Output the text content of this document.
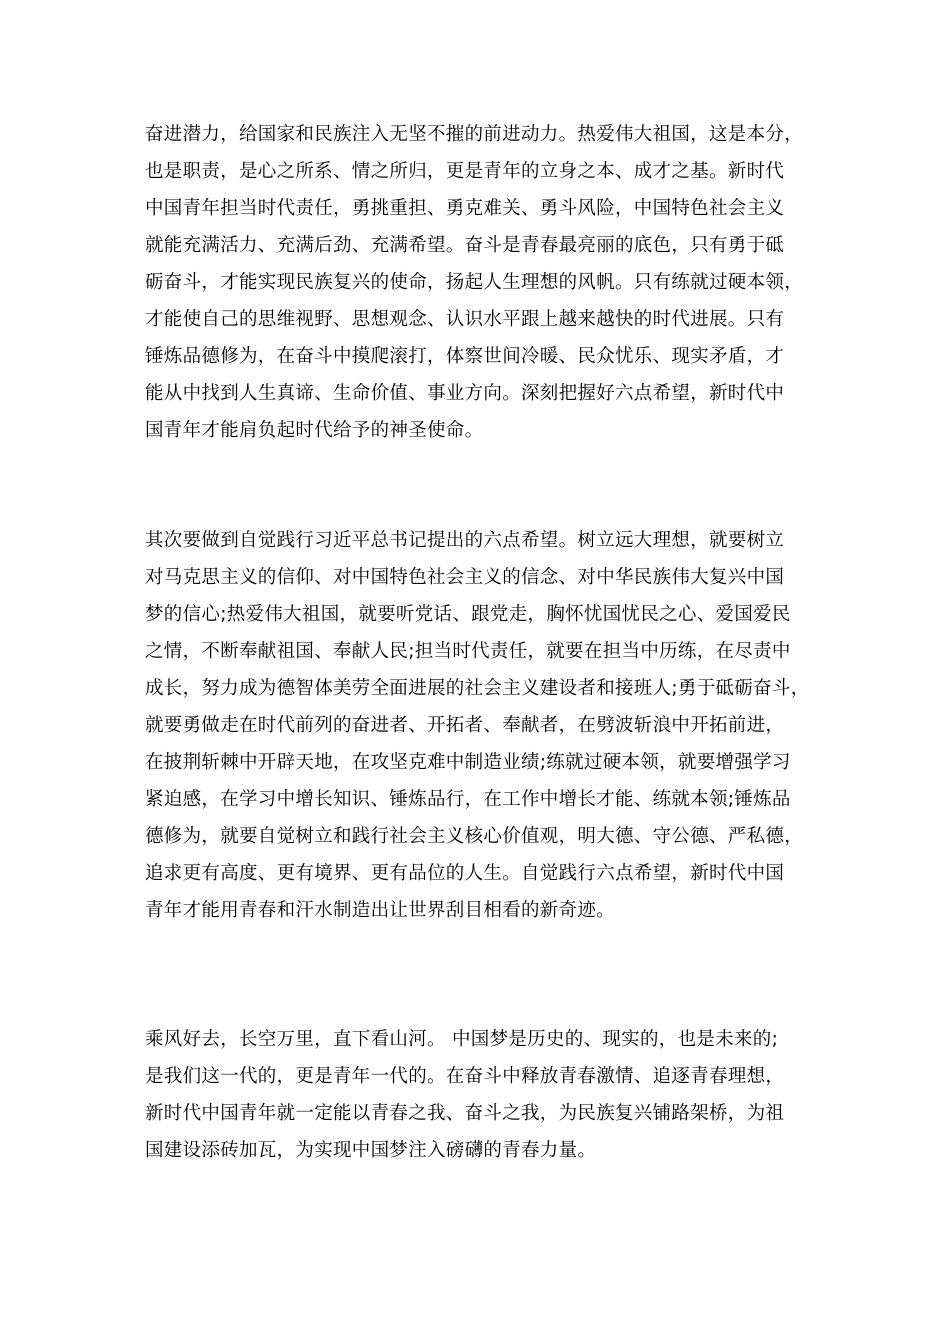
奋进潜力，给国家和民族注入无坚不摧的前进动力。热爱伟大祖国，这是本分，
也是职责，是心之所系、情之所归，更是青年的立身之本、成才之基。新时代
中国青年担当时代责任，勇挑重担、勇克难关、勇斗风险，中国特色社会主义
就能充满活力、充满后劲、充满希望。奋斗是青春最亮丽的底色，只有勇于砥
砺奋斗，才能实现民族复兴的使命，扬起人生理想的风帆。只有练就过硬本领，
才能使自己的思维视野、思想观念、认识水平跟上越来越快的时代进展。只有
锤炼品德修为，在奋斗中摸爬滚打，体察世间冷暖、民众忧乐、现实矛盾，才
能从中找到人生真谛、生命价值、事业方向。深刻把握好六点希望，新时代中
国青年才能肩负起时代给予的神圣使命。
其次要做到自觉践行习近平总书记提出的六点希望。树立远大理想，就要树立
对马克思主义的信仰、对中国特色社会主义的信念、对中华民族伟大复兴中国
梦的信心;热爱伟大祖国，就要听党话、跟党走，胸怀忧国忧民之心、爱国爱民
之情，不断奉献祖国、奉献人民;担当时代责任，就要在担当中历练，在尽责中
成长，努力成为德智体美劳全面进展的社会主义建设者和接班人;勇于砥砺奋斗，
就要勇做走在时代前列的奋进者、开拓者、奉献者，在劈波斩浪中开拓前进，
在披荆斩棘中开辟天地，在攻坚克难中制造业绩;练就过硬本领，就要增强学习
紧迫感，在学习中增长知识、锤炼品行，在工作中增长才能、练就本领;锤炼品
德修为，就要自觉树立和践行社会主义核心价值观，明大德、守公德、严私德，
追求更有高度、更有境界、更有品位的人生。自觉践行六点希望，新时代中国
青年才能用青春和汗水制造出让世界刮目相看的新奇迹。
乘风好去，长空万里，直下看山河。 中国梦是历史的、现实的，也是未来的;
是我们这一代的，更是青年一代的。在奋斗中释放青春激情、追逐青春理想，
新时代中国青年就一定能以青春之我、奋斗之我，为民族复兴铺路架桥，为祖
国建设添砖加瓦，为实现中国梦注入磅礴的青春力量。
